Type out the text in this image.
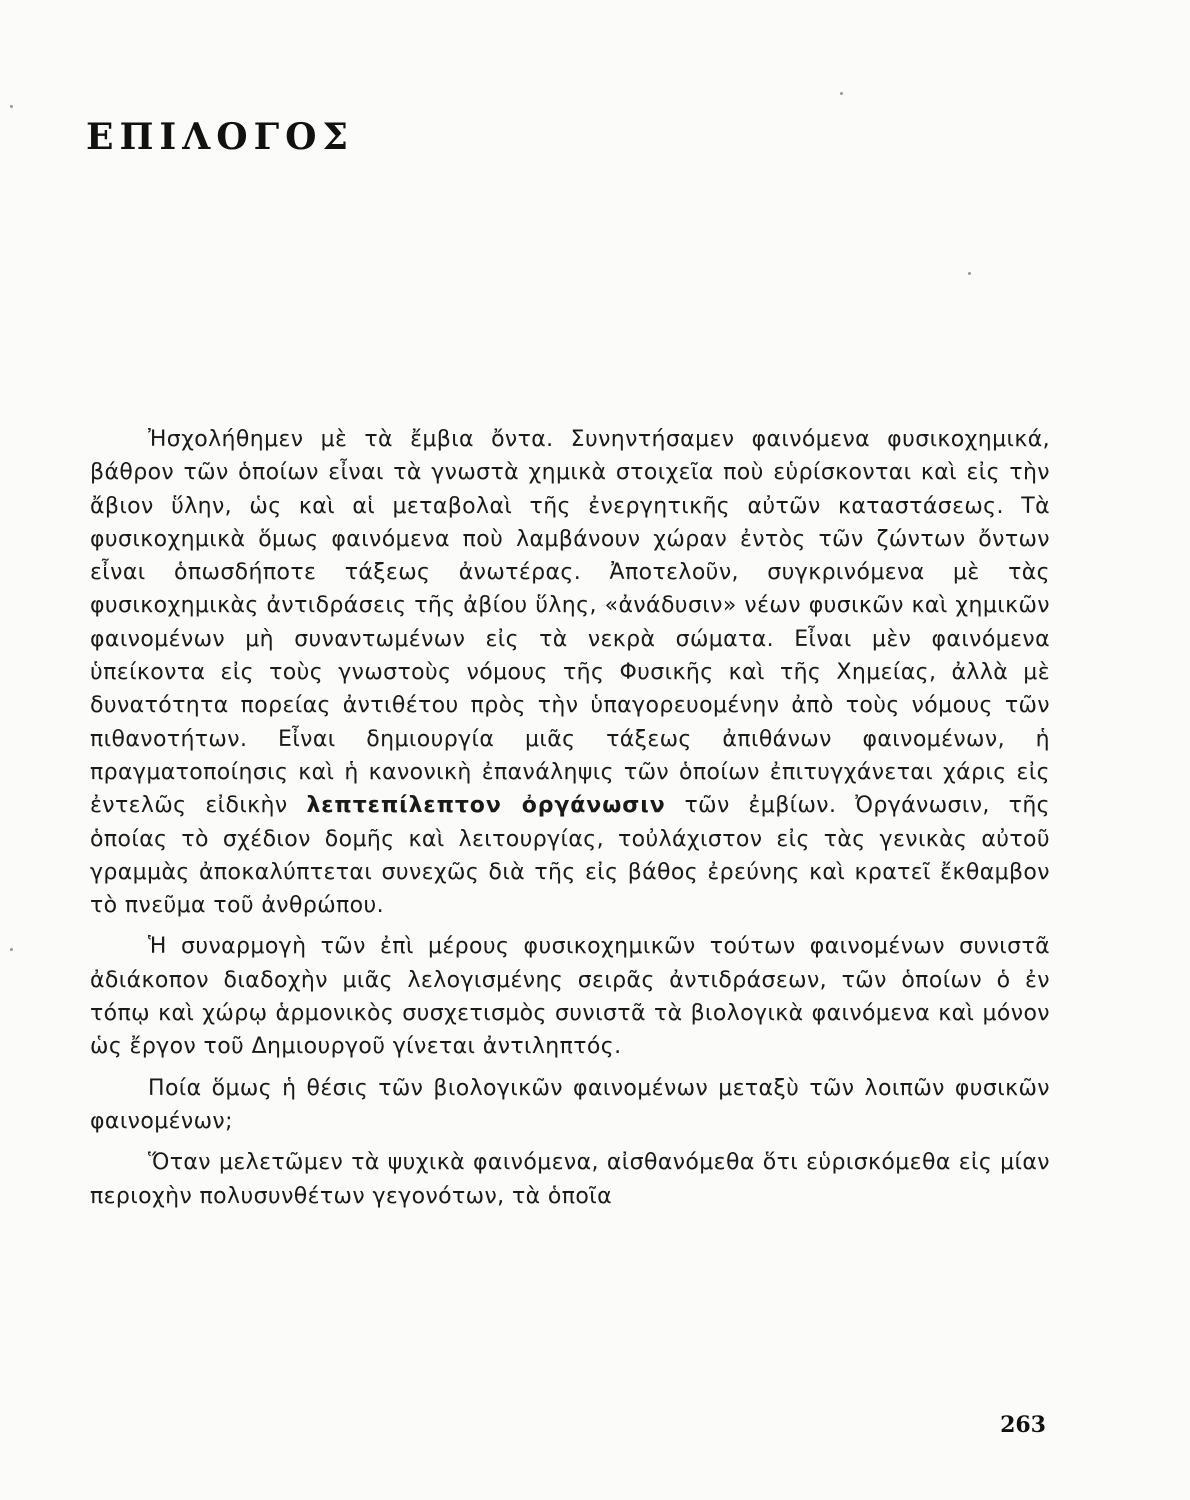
ΕΠΙΛΟΓΟΣ

Ἠσχολήθημεν μὲ τὰ ἔμβια ὄντα. Συνηντήσαμεν φαινόμενα φυσικοχημικά, βάθρον τῶν ὁποίων εἶναι τὰ γνωστὰ χημικὰ στοιχεῖα ποὺ εὑρίσκονται καὶ εἰς τὴν ἄβιον ὕλην, ὡς καὶ αἱ μεταβολαὶ τῆς ἐνεργητικῆς αὐτῶν καταστάσεως. Τὰ φυσικοχημικὰ ὅμως φαινόμενα ποὺ λαμβάνουν χώραν ἐντὸς τῶν ζώντων ὄντων εἶναι ὁπωσδήποτε τάξεως ἀνωτέρας. Ἀποτελοῦν, συγκρινόμενα μὲ τὰς φυσικοχημικὰς ἀντιδράσεις τῆς ἀβίου ὕλης, «ἀνάδυσιν» νέων φυσικῶν καὶ χημικῶν φαινομένων μὴ συναντωμένων εἰς τὰ νεκρὰ σώματα. Εἶναι μὲν φαινόμενα ὑπείκοντα εἰς τοὺς γνωστοὺς νόμους τῆς Φυσικῆς καὶ τῆς Χημείας, ἀλλὰ μὲ δυνατότητα πορείας ἀντιθέτου πρὸς τὴν ὑπαγορευομένην ἀπὸ τοὺς νόμους τῶν πιθανοτήτων. Εἶναι δημιουργία μιᾶς τάξεως ἀπιθάνων φαινομένων, ἡ πραγματοποίησις καὶ ἡ κανονικὴ ἐπανάληψις τῶν ὁποίων ἐπιτυγχάνεται χάρις εἰς ἐντελῶς εἰδικὴν λεπτεπίλεπτον ὀργάνωσιν τῶν ἐμβίων. Ὀργάνωσιν, τῆς ὁποίας τὸ σχέδιον δομῆς καὶ λειτουργίας, τοὐλάχιστον εἰς τὰς γενικὰς αὐτοῦ γραμμὰς ἀποκαλύπτεται συνεχῶς διὰ τῆς εἰς βάθος ἐρεύνης καὶ κρατεῖ ἔκθαμβον τὸ πνεῦμα τοῦ ἀνθρώπου.

Ἡ συναρμογὴ τῶν ἐπὶ μέρους φυσικοχημικῶν τούτων φαινομένων συνιστᾶ ἀδιάκοπον διαδοχὴν μιᾶς λελογισμένης σειρᾶς ἀντιδράσεων, τῶν ὁποίων ὁ ἐν τόπῳ καὶ χώρῳ ἁρμονικὸς συσχετισμὸς συνιστᾶ τὰ βιολογικὰ φαινόμενα καὶ μόνον ὡς ἔργον τοῦ Δημιουργοῦ γίνεται ἀντιληπτός.

Ποία ὅμως ἡ θέσις τῶν βιολογικῶν φαινομένων μεταξὺ τῶν λοιπῶν φυσικῶν φαινομένων;

Ὅταν μελετῶμεν τὰ ψυχικὰ φαινόμενα, αἰσθανόμεθα ὅτι εὑρισκόμεθα εἰς μίαν περιοχὴν πολυσυνθέτων γεγονότων, τὰ ὁποῖα

263
